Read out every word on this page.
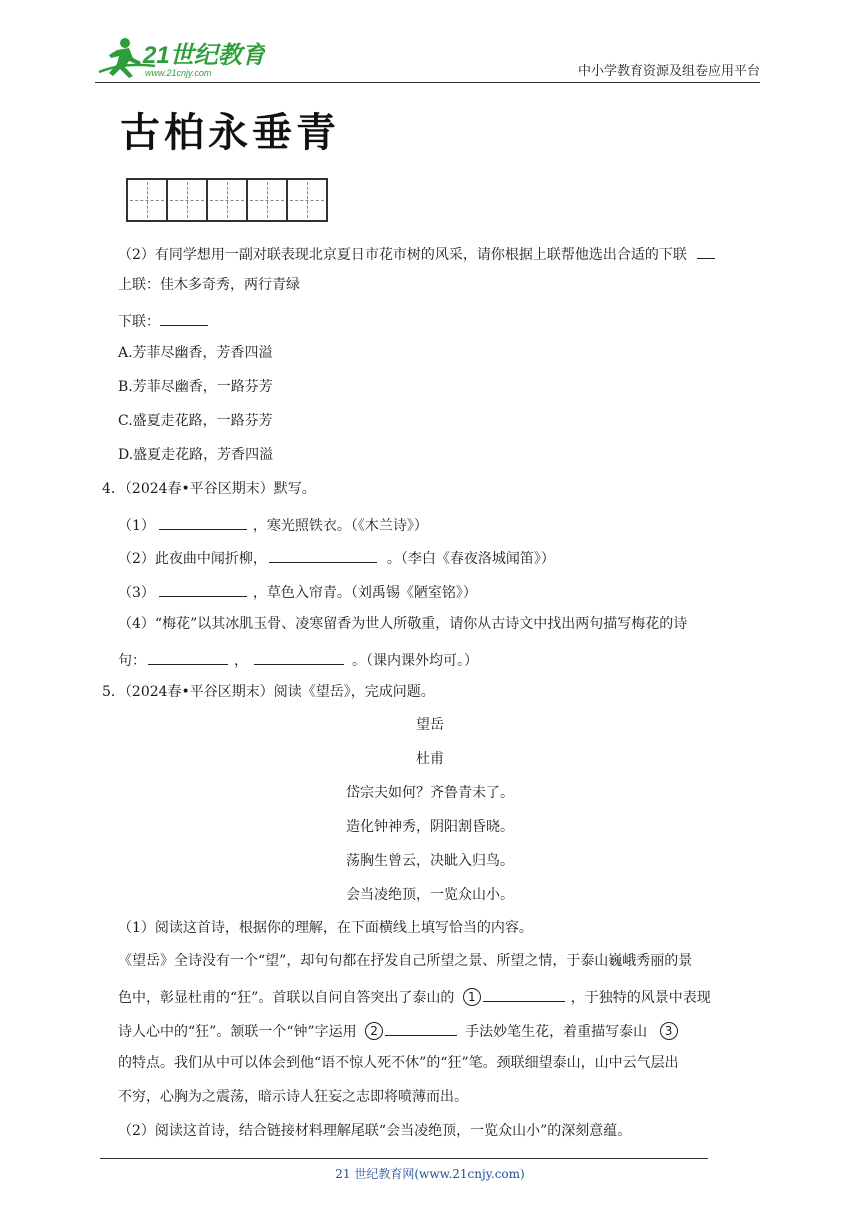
21世纪教育
www.21cnjy.com	中小学教育资源及组卷应用平台
古柏永垂青
（2）有同学想用一副对联表现北京夏日市花市树的风采，请你根据上联帮他选出合适的下联
上联：佳木多奇秀，两行青绿
下联：
A.芳菲尽幽香，芳香四溢
B.芳菲尽幽香，一路芬芳
C.盛夏走花路，一路芬芳
D.盛夏走花路，芳香四溢
4．（2024春•平谷区期末）默写。
（1）	，寒光照铁衣。（《木兰诗》）
（2）此夜曲中闻折柳，	。（李白《春夜洛城闻笛》）
（3）	，草色入帘青。（刘禹锡《陋室铭》）
（4）“梅花”以其冰肌玉骨、凌寒留香为世人所敬重，请你从古诗文中找出两句描写梅花的诗
句：	，	。（课内课外均可。）
5．（2024春•平谷区期末）阅读《望岳》，完成问题。
望岳
杜甫
岱宗夫如何？齐鲁青未了。
造化钟神秀，阴阳割昏晓。
荡胸生曾云，决眦入归鸟。
会当凌绝顶，一览众山小。
（1）阅读这首诗，根据你的理解，在下面横线上填写恰当的内容。
《望岳》全诗没有一个“望”，却句句都在抒发自己所望之景、所望之情，于泰山巍峨秀丽的景
色中，彰显杜甫的“狂”。首联以自问自答突出了泰山的 1	，于独特的风景中表现
诗人心中的“狂”。颔联一个“钟”字运用 2	手法妙笔生花，着重描写泰山 3
的特点。我们从中可以体会到他“语不惊人死不休”的“狂”笔。颈联细望泰山，山中云气层出
不穷，心胸为之震荡，暗示诗人狂妄之志即将喷薄而出。
（2）阅读这首诗，结合链接材料理解尾联“会当凌绝顶，一览众山小”的深刻意蕴。
21 世纪教育网(www.21cnjy.com)
